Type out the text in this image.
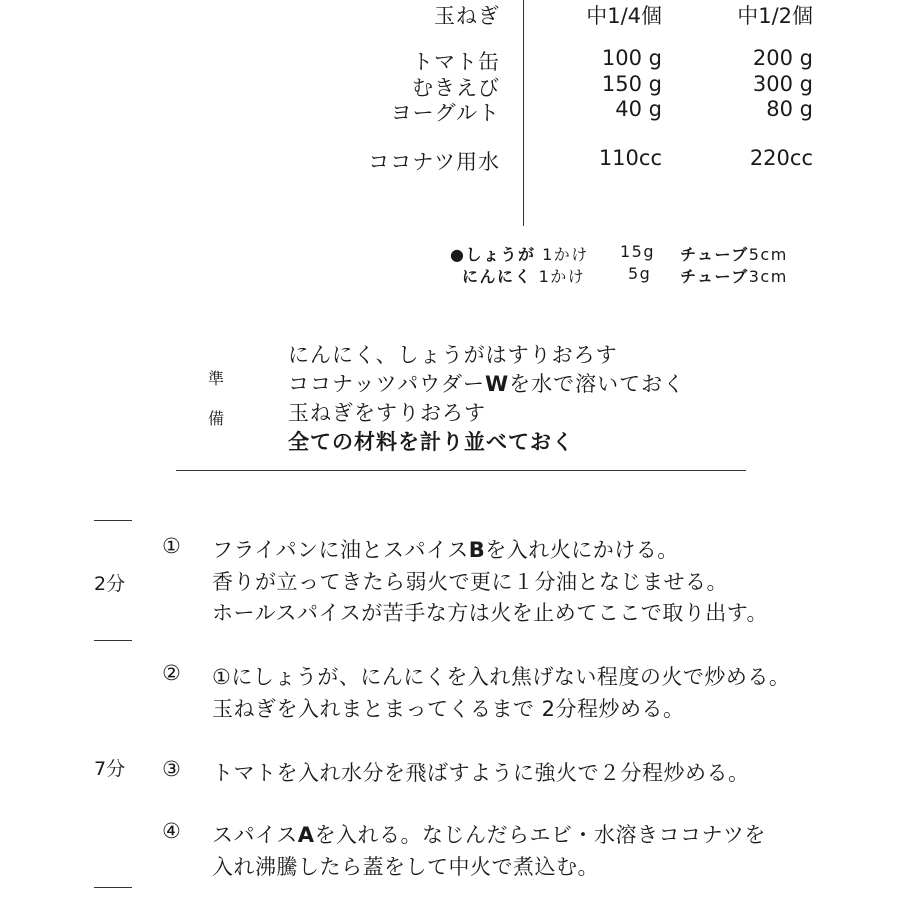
玉ねぎ	中1/4個	中1/2個
トマト缶	100 g	200 g
むきえび	150 g	300 g
ヨーグルト	40 g	80 g
ココナツ用水	110cc	220cc
●しょうが 1かけ 15g チューブ5cm
にんにく 1かけ	5g チューブ3cm
準
備
にんにく、しょうがはすりおろす
ココナッツパウダーWを水で溶いておく
玉ねぎをすりおろす
全ての材料を計り並べておく
2分
7分
① フライパンに油とスパイスBを入れ火にかける。
香りが立ってきたら弱火で更に１分油となじませる。
ホールスパイスが苦手な方は火を止めてここで取り出す。
② ①にしょうが、にんにくを入れ焦げない程度の火で炒める。
玉ねぎを入れまとまってくるまで 2分程炒める。
③ トマトを入れ水分を飛ばすように強火で２分程炒める。
④ スパイスAを入れる。なじんだらエビ・水溶きココナツを
入れ沸騰したら蓋をして中火で煮込む。
